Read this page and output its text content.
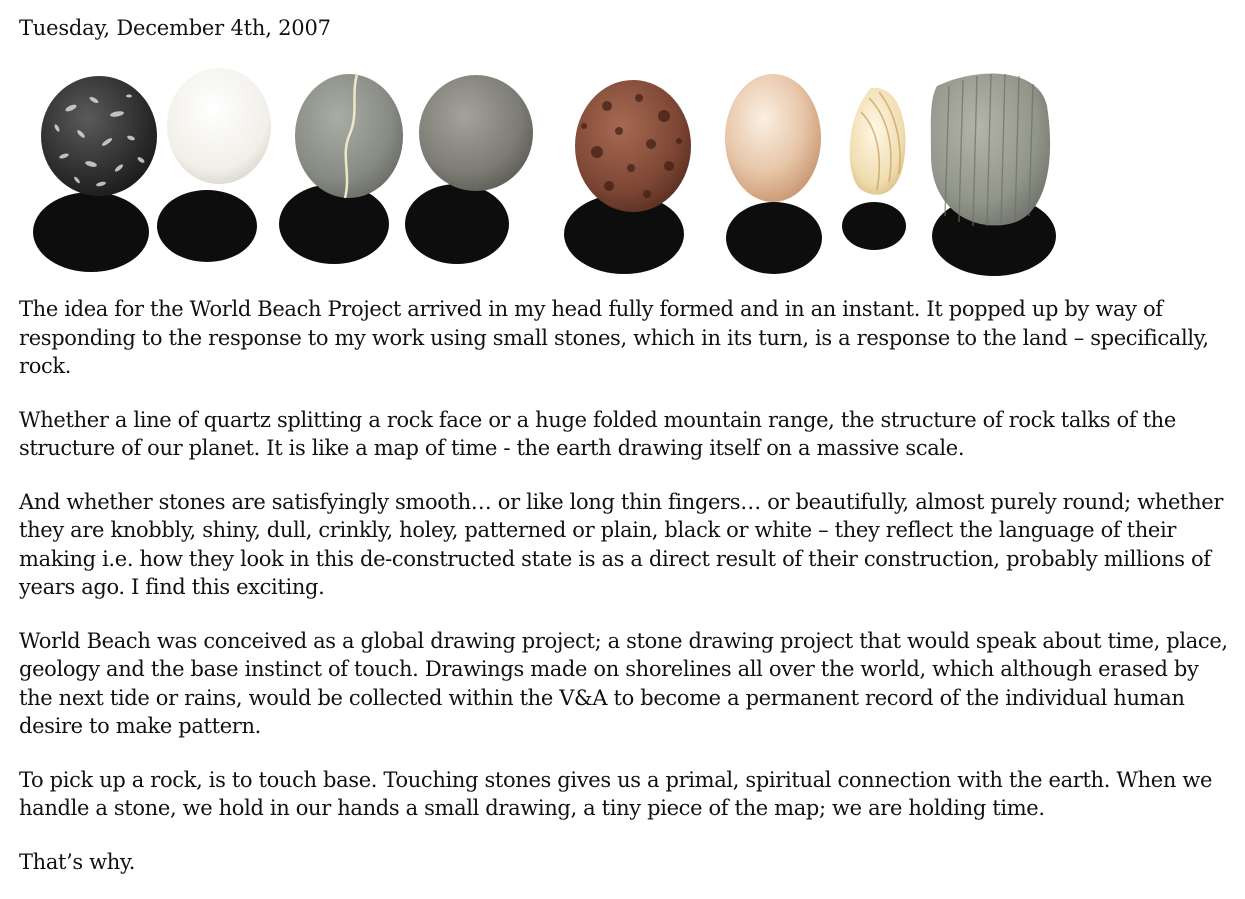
Tuesday, December 4th, 2007

The idea for the World Beach Project arrived in my head fully formed and in an instant. It popped up by way of responding to the response to my work using small stones, which in its turn, is a response to the land – specifically, rock.

Whether a line of quartz splitting a rock face or a huge folded mountain range, the structure of rock talks of the structure of our planet. It is like a map of time - the earth drawing itself on a massive scale.

And whether stones are satisfyingly smooth… or like long thin fingers… or beautifully, almost purely round; whether they are knobbly, shiny, dull, crinkly, holey, patterned or plain, black or white – they reflect the language of their making i.e. how they look in this de-constructed state is as a direct result of their construction, probably millions of years ago. I find this exciting.

World Beach was conceived as a global drawing project; a stone drawing project that would speak about time, place, geology and the base instinct of touch. Drawings made on shorelines all over the world, which although erased by the next tide or rains, would be collected within the V&A to become a permanent record of the individual human desire to make pattern.

To pick up a rock, is to touch base. Touching stones gives us a primal, spiritual connection with the earth. When we handle a stone, we hold in our hands a small drawing, a tiny piece of the map; we are holding time.

That’s why.
